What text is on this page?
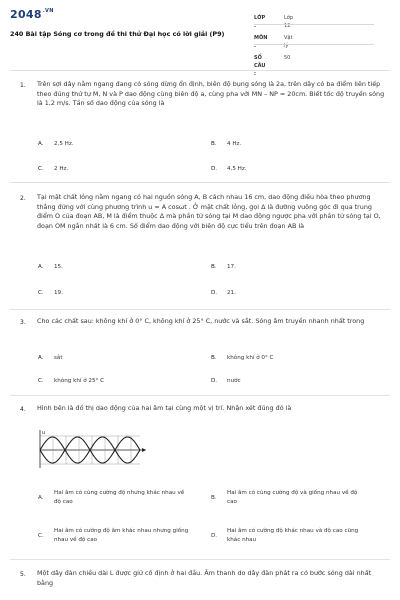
$2048^{.VN}$
240 Bài tập Sóng cơ trong đề thi thử Đại học có lời giải (P9)
LỚP :
Lớp 12
MÔN :
Vật lý
SỐ CÂU :
50
1. Trên sợi dây nằm ngang đang có sóng dừng ổn định, biên độ bụng sóng là 2a, trên dây có ba điểm liên tiếp theo đúng thứ tự M, N và P dao động cùng biên độ a, cùng pha với MN – NP = 20cm. Biết tốc độ truyền sóng là 1,2 m/s. Tần số dao động của sóng là
A. 2,5 Hz.	B. 4 Hz.
C. 2 Hz.	D. 4,5 Hz.
2. Tại mặt chất lỏng nằm ngang có hai nguồn sóng A, B cách nhau 16 cm, dao động điều hòa theo phương thẳng đứng với cùng phương trình u = A cosωt . Ở mặt chất lỏng, gọi Δ là đường vuông góc đi qua trung điểm O của đoạn AB, M là điểm thuộc Δ mà phần tử sóng tại M dao động ngược pha với phần tử sóng tại O, đoạn OM ngắn nhất là 6 cm. Số điểm dao động với biên độ cực tiểu trên đoạn AB là
A. 15.	B. 17.
C. 19.	D. 21.
3. Cho các chất sau: không khí ở 0° C, không khí ở 25° C, nước và sắt. Sóng âm truyền nhanh nhất trong
A. sắt	B. không khí ở 0° C
C. không khí ở 25° C	D. nước
4. Hình bên là đồ thị dao động của hai âm tại cùng một vị trí. Nhận xét đúng đó là
u
A.
Hai âm có cùng cường độ nhưng khác nhau về độ cao
B.
Hai âm có cùng cường độ và giống nhau về độ cao
C.
Hai âm có cường độ âm khác nhau nhưng giống nhau về độ cao
D.
Hai âm có cường độ khác nhau và độ cao cũng khác nhau
5. Một dây đàn chiều dài L được giữ cố định ở hai đầu. Âm thanh do dây đàn phát ra có bước sóng dài nhất bằng
